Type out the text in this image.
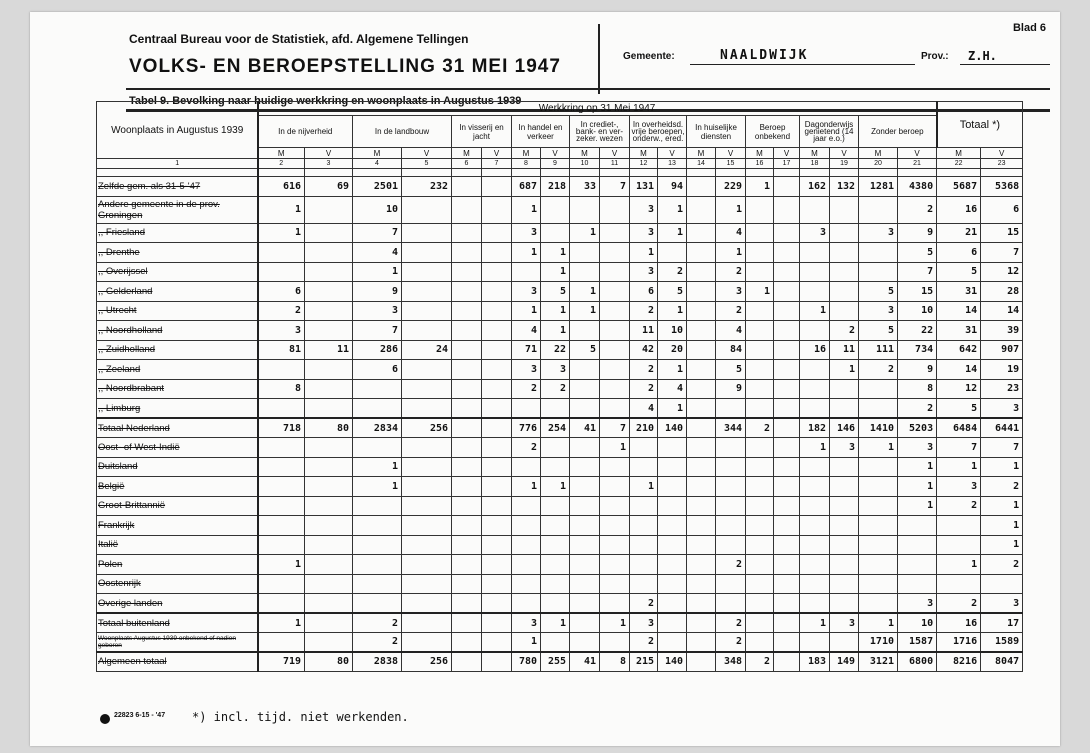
Centraal Bureau voor de Statistiek, afd. Algemene Tellingen
VOLKS- EN BEROEPSTELLING 31 MEI 1947
Blad 6
Gemeente:	NAALDWIJK	Prov.: Z.H.
Tabel 9. Bevolking naar huidige werkkring en woonplaats in Augustus 1939
Woonplaats in Augustus 1939	Werkkring op 31 Mei 1947																				Totaal *)	
	In de nijverheid		In de landbouw		In visserij en jacht		In handel en verkeer		In crediet-, bank- en ver-zeker. wezen		In overheidsd. vrije beroepen, onderw., ered.		In huiselijke diensten		Beroep onbekend		Dagonderwijs genietend (14 jaar e.o.)		Zonder beroep			
	M	V	M	V	M	V	M	V	M	V	M	V	M	V	M	V	M	V	M	V	M	V
1	2	3	4	5	6	7	8	9	10	11	12	13	14	15	16	17	18	19	20	21	22	23

Zelfde gem. als 31-5-'47	616	69	2501	232			687	218	33	7	131	94		229	1		162	132	1281	4380	5687	5368
Andere gemeente in de prov. Groningen	1		10				1				3	1		1						2	16	6
,, Friesland	1		7				3		1		3	1		4			3		3	9	21	15
,, Drenthe			4				1	1			1			1						5	6	7
,, Overijssel			1					1			3	2		2						7	5	12
,, Gelderland	6		9				3	5	1		6	5		3	1				5	15	31	28
,, Utrecht	2		3				1	1	1		2	1		2			1		3	10	14	14
,, Noordholland	3		7				4	1			11	10		4				2	5	22	31	39
,, Zuidholland	81	11	286	24			71	22	5		42	20		84			16	11	111	734	642	907
,, Zeeland			6				3	3			2	1		5				1	2	9	14	19
,, Noordbrabant	8						2	2			2	4		9						8	12	23
,, Limburg											4	1								2	5	3
Totaal Nederland	718	80	2834	256			776	254	41	7	210	140		344	2		182	146	1410	5203	6484	6441
Oost- of West-Indië							2			1							1	3	1	3	7	7
Duitsland			1																	1	1	1
België			1				1	1			1									1	3	2
Groot-Brittannië																				1	2	1
Frankrijk																						1
Italië																						1
Polen	1													2							1	2
Oostenrijk																						
Overige landen											2									3	2	3
Totaal buitenland	1		2				3	1		1	3			2			1	3	1	10	16	17
Woonplaats Augustus 1939 onbekend of nadien geboren			2				1				2			2					1710	1587	1716	1589
Algemeen totaal	719	80	2838	256			780	255	41	8	215	140		348	2		183	149	3121	6800	8216	8047
22823 6-15 - '47 *) incl. tijd. niet werkenden.
